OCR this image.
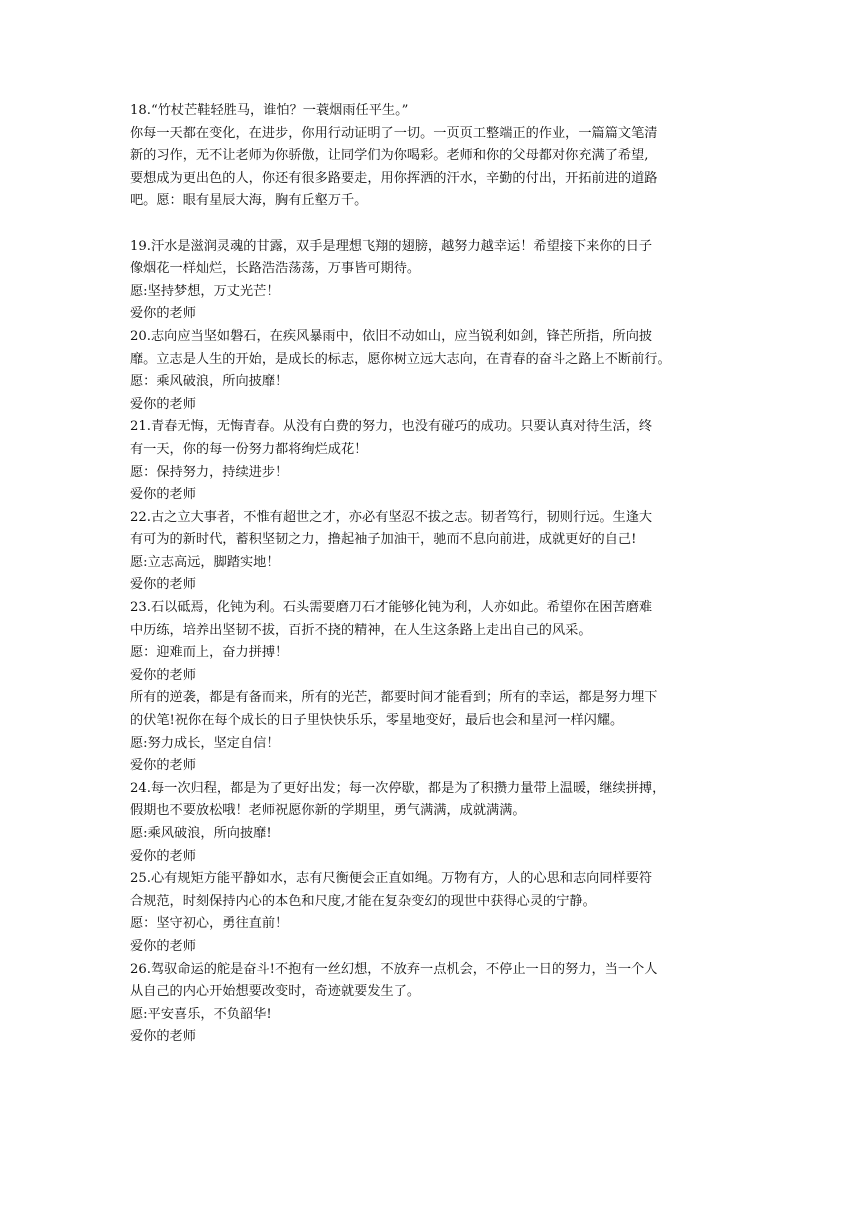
18.“竹杖芒鞋轻胜马，谁怕？一蓑烟雨任平生。”
你每一天都在变化，在进步，你用行动证明了一切。一页页工整端正的作业，一篇篇文笔清
新的习作，无不让老师为你骄傲，让同学们为你喝彩。老师和你的父母都对你充满了希望,
要想成为更出色的人，你还有很多路要走，用你挥洒的汗水，辛勤的付出，开拓前进的道路
吧。愿：眼有星辰大海，胸有丘壑万千。
19.汗水是滋润灵魂的甘露，双手是理想飞翔的翅膀，越努力越幸运！希望接下来你的日子
像烟花一样灿烂，长路浩浩荡荡，万事皆可期待。
愿:坚持梦想，万丈光芒！
爱你的老师
20.志向应当坚如磐石，在疾风暴雨中，依旧不动如山，应当锐利如剑，锋芒所指，所向披
靡。立志是人生的开始，是成长的标志，愿你树立远大志向，在青春的奋斗之路上不断前行。
愿：乘风破浪，所向披靡！
爱你的老师
21.青春无悔，无悔青春。从没有白费的努力，也没有碰巧的成功。只要认真对待生活，终
有一天，你的每一份努力都将绚烂成花！
愿：保持努力，持续进步！
爱你的老师
22.古之立大事者，不惟有超世之才，亦必有坚忍不拔之志。韧者笃行，韧则行远。生逢大
有可为的新时代，蓄积坚韧之力，撸起袖子加油干，驰而不息向前进，成就更好的自己!
愿:立志高远，脚踏实地！
爱你的老师
23.石以砥焉，化钝为利。石头需要磨刀石才能够化钝为利，人亦如此。希望你在困苦磨难
中历练，培养出坚韧不拔，百折不挠的精神，在人生这条路上走出自己的风采。
愿：迎难而上，奋力拼搏！
爱你的老师
所有的逆袭，都是有备而来，所有的光芒，都要时间才能看到；所有的幸运，都是努力埋下
的伏笔!祝你在每个成长的日子里快快乐乐，零星地变好，最后也会和星河一样闪耀。
愿:努力成长，坚定自信！
爱你的老师
24.每一次归程，都是为了更好出发；每一次停歇，都是为了积攒力量带上温暖，继续拼搏，
假期也不要放松哦！老师祝愿你新的学期里，勇气满满，成就满满。
愿:乘风破浪，所向披靡!
爱你的老师
25.心有规矩方能平静如水，志有尺衡便会正直如绳。万物有方，人的心思和志向同样要符
合规范，时刻保持内心的本色和尺度,才能在复杂变幻的现世中获得心灵的宁静。
愿：坚守初心，勇往直前！
爱你的老师
26.驾驭命运的舵是奋斗!不抱有一丝幻想，不放弃一点机会，不停止一日的努力，当一个人
从自己的内心开始想要改变时，奇迹就要发生了。
愿:平安喜乐，不负韶华!
爱你的老师
